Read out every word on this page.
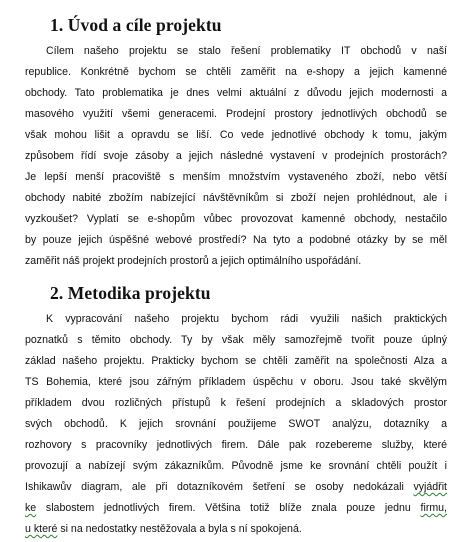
1. Úvod a cíle projektu
Cílem našeho projektu se stalo řešení problematiky IT obchodů v naší
republice. Konkrétně bychom se chtěli zaměřit na e-shopy a jejich kamenné
obchody. Tato problematika je dnes velmi aktuální z důvodu jejich modernosti a
masového využití všemi generacemi. Prodejní prostory jednotlivých obchodů se
však mohou lišit a opravdu se liší. Co vede jednotlivé obchody k tomu, jakým
způsobem řídí svoje zásoby a jejich následné vystavení v prodejních prostorách?
Je lepší menší pracoviště s menším množstvím vystaveného zboží, nebo větší
obchody nabité zbožím nabízející návštěvníkům si zboží nejen prohlédnout, ale i
vyzkoušet? Vyplatí se e-shopům vůbec provozovat kamenné obchody, nestačilo
by pouze jejich úspěšné webové prostředí? Na tyto a podobné otázky by se měl
zaměřit náš projekt prodejních prostorů a jejich optimálního uspořádání.
2. Metodika projektu
K vypracování našeho projektu bychom rádi využili našich praktických
poznatků s těmito obchody. Ty by však měly samozřejmě tvořit pouze úplný
základ našeho projektu. Prakticky bychom se chtěli zaměřit na společnosti Alza a
TS Bohemia, které jsou zářným příkladem úspěchu v oboru. Jsou také skvělým
příkladem dvou rozličných přístupů k řešení prodejních a skladových prostor
svých obchodů. K jejich srovnání použijeme SWOT analýzu, dotazníky a
rozhovory s pracovníky jednotlivých firem. Dále pak rozebereme služby, které
provozují a nabízejí svým zákazníkům. Původně jsme ke srovnání chtěli použít i
Ishikawův diagram, ale při dotazníkovém šetření se osoby nedokázali vyjádřit
ke slabostem jednotlivých firem. Většina totiž blíže znala pouze jednu firmu,
u které si na nedostatky nestěžovala a byla s ní spokojená.
